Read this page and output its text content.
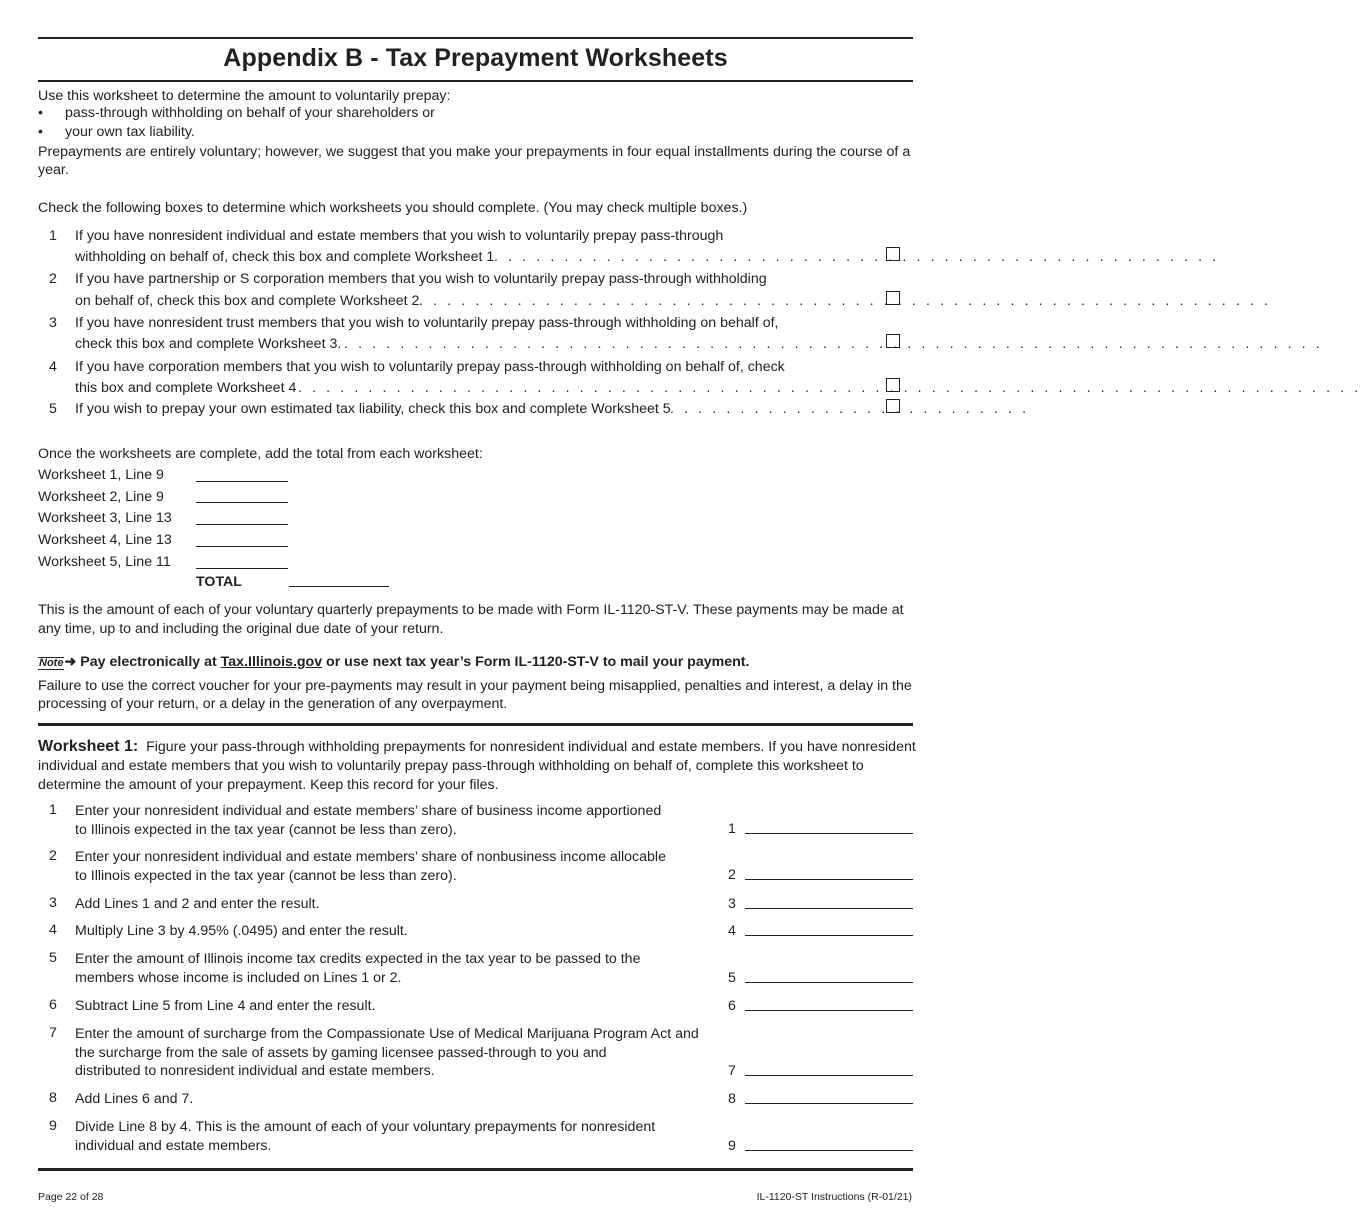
Appendix B - Tax Prepayment Worksheets
Use this worksheet to determine the amount to voluntarily prepay:
• pass-through withholding on behalf of your shareholders or
• your own tax liability.
Prepayments are entirely voluntary; however, we suggest that you make your prepayments in four equal installments during the course of a
year.
Check the following boxes to determine which worksheets you should complete. (You may check multiple boxes.)
1 If you have nonresident individual and estate members that you wish to voluntarily prepay pass-through
withholding on behalf of, check this box and complete Worksheet 1 . . . . . . . . . . . . . . . . . . . . . . . . . . . . . . . . . . . . . . . . . . . . . . . . . . . .
2 If you have partnership or S corporation members that you wish to voluntarily prepay pass-through withholding
on behalf of, check this box and complete Worksheet 2 . . . . . . . . . . . . . . . . . . . . . . . . . . . . . . . . . . . . . . . . . . . . . . . . . . . . . . . . . . . . .
3 If you have nonresident trust members that you wish to voluntarily prepay pass-through withholding on behalf of,
check this box and complete Worksheet 3. . . . . . . . . . . . . . . . . . . . . . . . . . . . . . . . . . . . . . . . . . . . . . . . . . . . . . . . . . . . . . . . . . . . . . .
4 If you have corporation members that you wish to voluntarily prepay pass-through withholding on behalf of, check
this box and complete Worksheet 4 . . . . . . . . . . . . . . . . . . . . . . . . . . . . . . . . . . . . . . . . . . . . . . . . . . . . . . . . . . . . . . . . . . . . . . . . . . . .
5 If you wish to prepay your own estimated tax liability, check this box and complete Worksheet 5 . . . . . . . . . . . . . . . . . . . . . . . . . .
Once the worksheets are complete, add the total from each worksheet:
Worksheet 1, Line 9
Worksheet 2, Line 9
Worksheet 3, Line 13
Worksheet 4, Line 13
Worksheet 5, Line 11
TOTAL
This is the amount of each of your voluntary quarterly prepayments to be made with Form IL-1120-ST-V. These payments may be made at
any time, up to and including the original due date of your return.
Note➜ Pay electronically at Tax.Illinois.gov or use next tax year’s Form IL-1120-ST-V to mail your payment.
Failure to use the correct voucher for your pre-payments may result in your payment being misapplied, penalties and interest, a delay in the
processing of your return, or a delay in the generation of any overpayment.
Worksheet 1: Figure your pass-through withholding prepayments for nonresident individual and estate members. If you have nonresident
individual and estate members that you wish to voluntarily prepay pass-through withholding on behalf of, complete this worksheet to
determine the amount of your prepayment. Keep this record for your files.
1 Enter your nonresident individual and estate members’ share of business income apportioned
to Illinois expected in the tax year (cannot be less than zero).	1
2 Enter your nonresident individual and estate members’ share of nonbusiness income allocable
to Illinois expected in the tax year (cannot be less than zero).	2
3 Add Lines 1 and 2 and enter the result.	3
4 Multiply Line 3 by 4.95% (.0495) and enter the result.	4
5 Enter the amount of Illinois income tax credits expected in the tax year to be passed to the
members whose income is included on Lines 1 or 2.	5
6 Subtract Line 5 from Line 4 and enter the result.	6
7 Enter the amount of surcharge from the Compassionate Use of Medical Marijuana Program Act and
the surcharge from the sale of assets by gaming licensee passed-through to you and
distributed to nonresident individual and estate members.	7
8 Add Lines 6 and 7.	8
9 Divide Line 8 by 4. This is the amount of each of your voluntary prepayments for nonresident
individual and estate members.	9
Page 22 of 28	IL-1120-ST Instructions (R-01/21)
